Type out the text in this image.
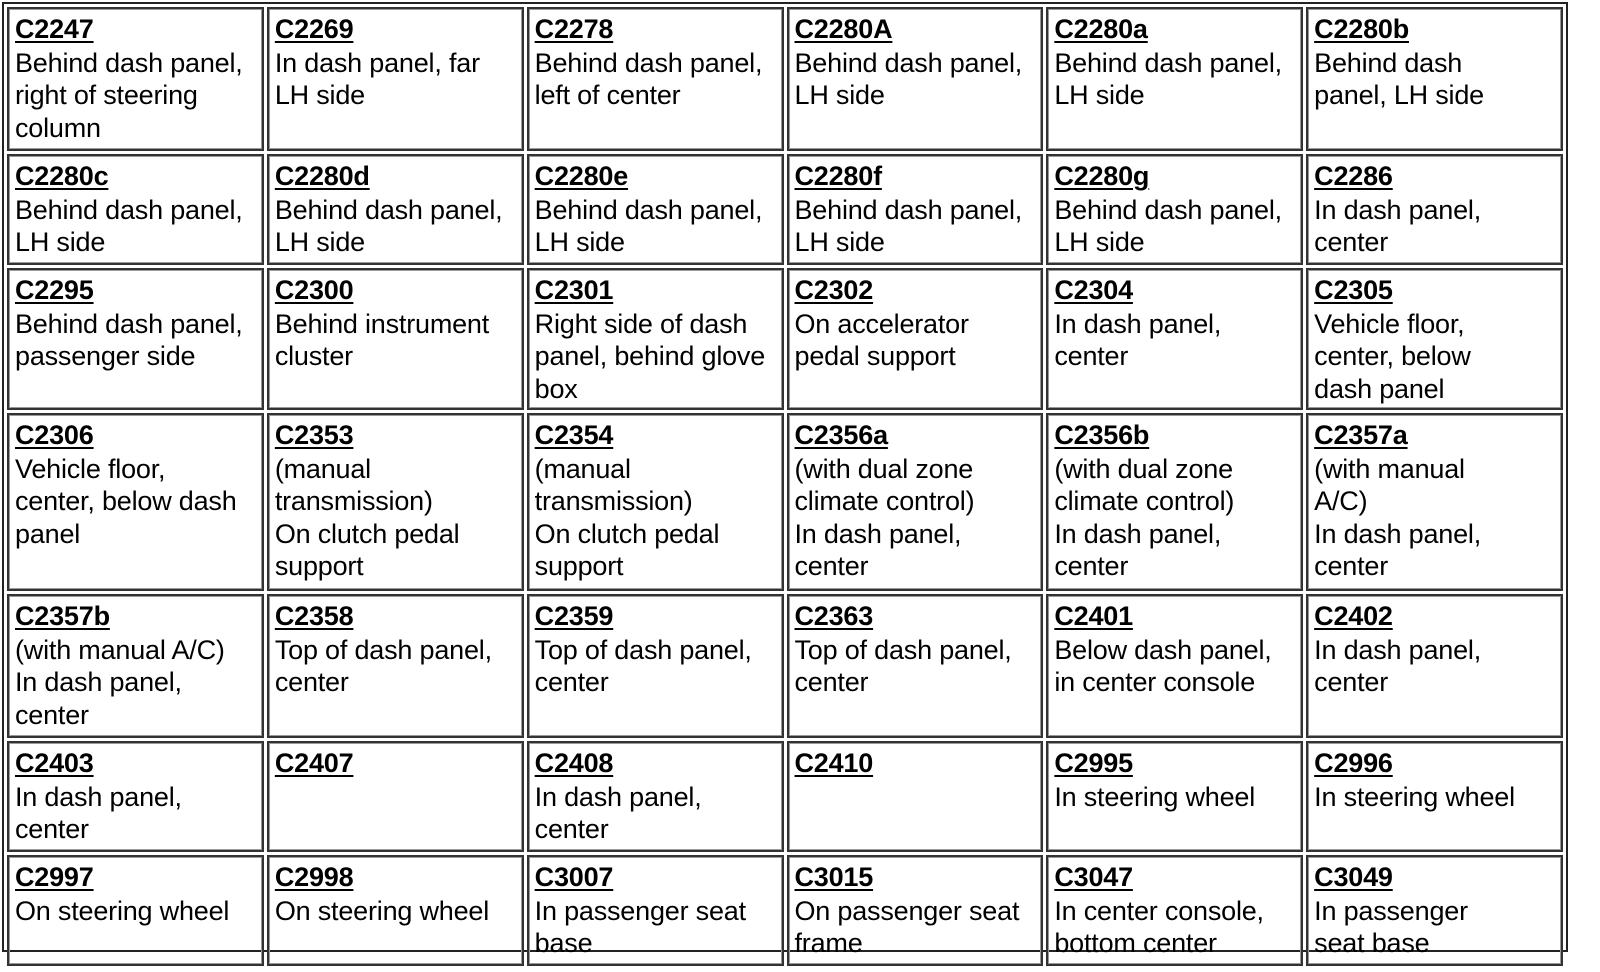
C2247
Behind dash panel,
right of steering
column
C2269
In dash panel, far
LH side
C2278
Behind dash panel,
left of center
C2280A
Behind dash panel,
LH side
C2280a
Behind dash panel,
LH side
C2280b
Behind dash
panel, LH side
C2280c
Behind dash panel,
LH side
C2280d
Behind dash panel,
LH side
C2280e
Behind dash panel,
LH side
C2280f
Behind dash panel,
LH side
C2280g
Behind dash panel,
LH side
C2286
In dash panel,
center
C2295
Behind dash panel,
passenger side
C2300
Behind instrument
cluster
C2301
Right side of dash
panel, behind glove
box
C2302
On accelerator
pedal support
C2304
In dash panel,
center
C2305
Vehicle floor,
center, below
dash panel
C2306
Vehicle floor,
center, below dash
panel
C2353
(manual
transmission)
On clutch pedal
support
C2354
(manual
transmission)
On clutch pedal
support
C2356a
(with dual zone
climate control)
In dash panel,
center
C2356b
(with dual zone
climate control)
In dash panel,
center
C2357a
(with manual
A/C)
In dash panel,
center
C2357b
(with manual A/C)
In dash panel,
center
C2358
Top of dash panel,
center
C2359
Top of dash panel,
center
C2363
Top of dash panel,
center
C2401
Below dash panel,
in center console
C2402
In dash panel,
center
C2403
In dash panel,
center
C2407	C2408
In dash panel,
center
C2410	C2995
In steering wheel
C2996
In steering wheel
C2997
On steering wheel
C2998
On steering wheel
C3007
In passenger seat
base
C3015
On passenger seat
frame
C3047
In center console,
bottom center
C3049
In passenger
seat base
